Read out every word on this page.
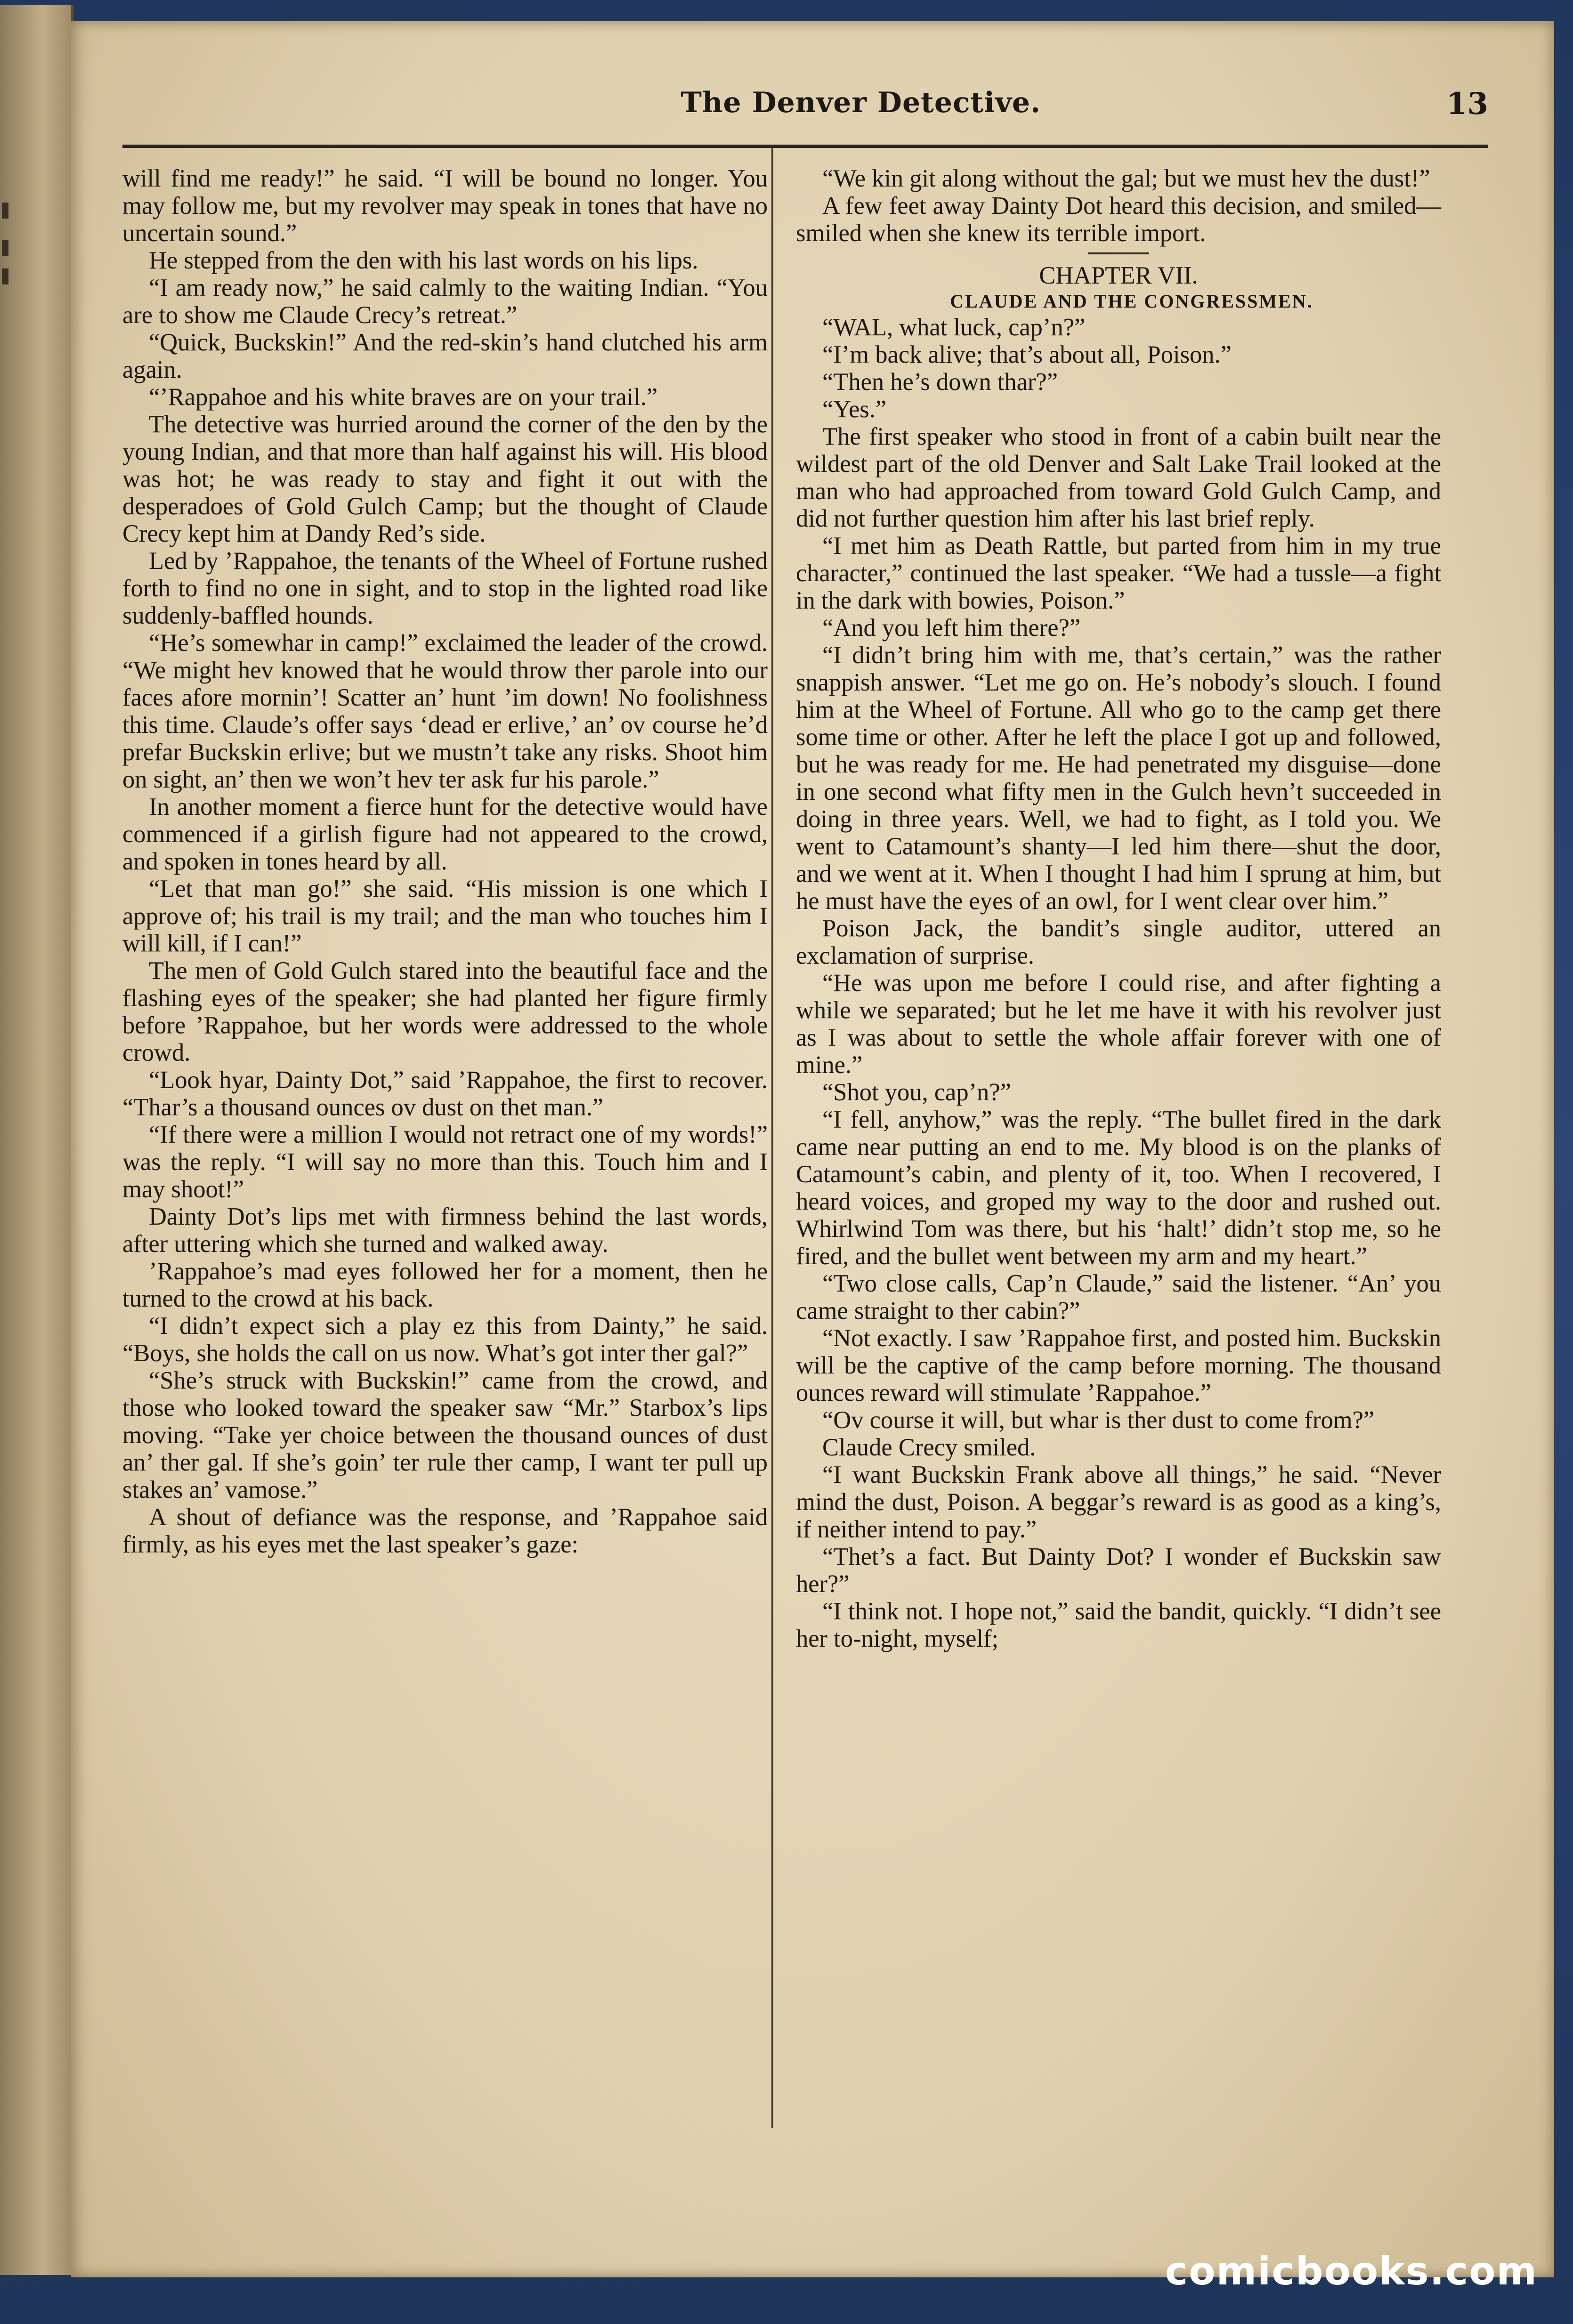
The Denver Detective.	13

will find me ready!” he said. “I will be bound no longer. You may follow me, but my revolver may speak in tones that have no uncertain sound.”

He stepped from the den with his last words on his lips.

“I am ready now,” he said calmly to the waiting Indian. “You are to show me Claude Crecy’s retreat.”

“Quick, Buckskin!” And the red-skin’s hand clutched his arm again.

“’Rappahoe and his white braves are on your trail.”

The detective was hurried around the corner of the den by the young Indian, and that more than half against his will. His blood was hot; he was ready to stay and fight it out with the desperadoes of Gold Gulch Camp; but the thought of Claude Crecy kept him at Dandy Red’s side.

Led by ’Rappahoe, the tenants of the Wheel of Fortune rushed forth to find no one in sight, and to stop in the lighted road like suddenly-baffled hounds.

“He’s somewhar in camp!” exclaimed the leader of the crowd. “We might hev knowed that he would throw ther parole into our faces afore mornin’! Scatter an’ hunt ’im down! No foolishness this time. Claude’s offer says ‘dead er erlive,’ an’ ov course he’d prefar Buckskin erlive; but we mustn’t take any risks. Shoot him on sight, an’ then we won’t hev ter ask fur his parole.”

In another moment a fierce hunt for the detective would have commenced if a girlish figure had not appeared to the crowd, and spoken in tones heard by all.

“Let that man go!” she said. “His mission is one which I approve of; his trail is my trail; and the man who touches him I will kill, if I can!”

The men of Gold Gulch stared into the beautiful face and the flashing eyes of the speaker; she had planted her figure firmly before ’Rappahoe, but her words were addressed to the whole crowd.

“Look hyar, Dainty Dot,” said ’Rappahoe, the first to recover. “Thar’s a thousand ounces ov dust on thet man.”

“If there were a million I would not retract one of my words!” was the reply. “I will say no more than this. Touch him and I may shoot!”

Dainty Dot’s lips met with firmness behind the last words, after uttering which she turned and walked away.

’Rappahoe’s mad eyes followed her for a moment, then he turned to the crowd at his back.

“I didn’t expect sich a play ez this from Dainty,” he said. “Boys, she holds the call on us now. What’s got inter ther gal?”

“She’s struck with Buckskin!” came from the crowd, and those who looked toward the speaker saw “Mr.” Starbox’s lips moving. “Take yer choice between the thousand ounces of dust an’ ther gal. If she’s goin’ ter rule ther camp, I want ter pull up stakes an’ vamose.”

A shout of defiance was the response, and ’Rappahoe said firmly, as his eyes met the last speaker’s gaze:

“We kin git along without the gal; but we must hev the dust!”

A few feet away Dainty Dot heard this decision, and smiled—smiled when she knew its terrible import.

CHAPTER VII.

CLAUDE AND THE CONGRESSMEN.

“WAL, what luck, cap’n?”

“I’m back alive; that’s about all, Poison.”

“Then he’s down thar?”

“Yes.”

The first speaker who stood in front of a cabin built near the wildest part of the old Denver and Salt Lake Trail looked at the man who had approached from toward Gold Gulch Camp, and did not further question him after his last brief reply.

“I met him as Death Rattle, but parted from him in my true character,” continued the last speaker. “We had a tussle—a fight in the dark with bowies, Poison.”

“And you left him there?”

“I didn’t bring him with me, that’s certain,” was the rather snappish answer. “Let me go on. He’s nobody’s slouch. I found him at the Wheel of Fortune. All who go to the camp get there some time or other. After he left the place I got up and followed, but he was ready for me. He had penetrated my disguise—done in one second what fifty men in the Gulch hevn’t succeeded in doing in three years. Well, we had to fight, as I told you. We went to Catamount’s shanty—I led him there—shut the door, and we went at it. When I thought I had him I sprung at him, but he must have the eyes of an owl, for I went clear over him.”

Poison Jack, the bandit’s single auditor, uttered an exclamation of surprise.

“He was upon me before I could rise, and after fighting a while we separated; but he let me have it with his revolver just as I was about to settle the whole affair forever with one of mine.”

“Shot you, cap’n?”

“I fell, anyhow,” was the reply. “The bullet fired in the dark came near putting an end to me. My blood is on the planks of Catamount’s cabin, and plenty of it, too. When I recovered, I heard voices, and groped my way to the door and rushed out. Whirlwind Tom was there, but his ‘halt!’ didn’t stop me, so he fired, and the bullet went between my arm and my heart.”

“Two close calls, Cap’n Claude,” said the listener. “An’ you came straight to ther cabin?”

“Not exactly. I saw ’Rappahoe first, and posted him. Buckskin will be the captive of the camp before morning. The thousand ounces reward will stimulate ’Rappahoe.”

“Ov course it will, but whar is ther dust to come from?”

Claude Crecy smiled.

“I want Buckskin Frank above all things,” he said. “Never mind the dust, Poison. A beggar’s reward is as good as a king’s, if neither intend to pay.”

“Thet’s a fact. But Dainty Dot? I wonder ef Buckskin saw her?”

“I think not. I hope not,” said the bandit, quickly. “I didn’t see her to-night, myself;

comicbooks.com
